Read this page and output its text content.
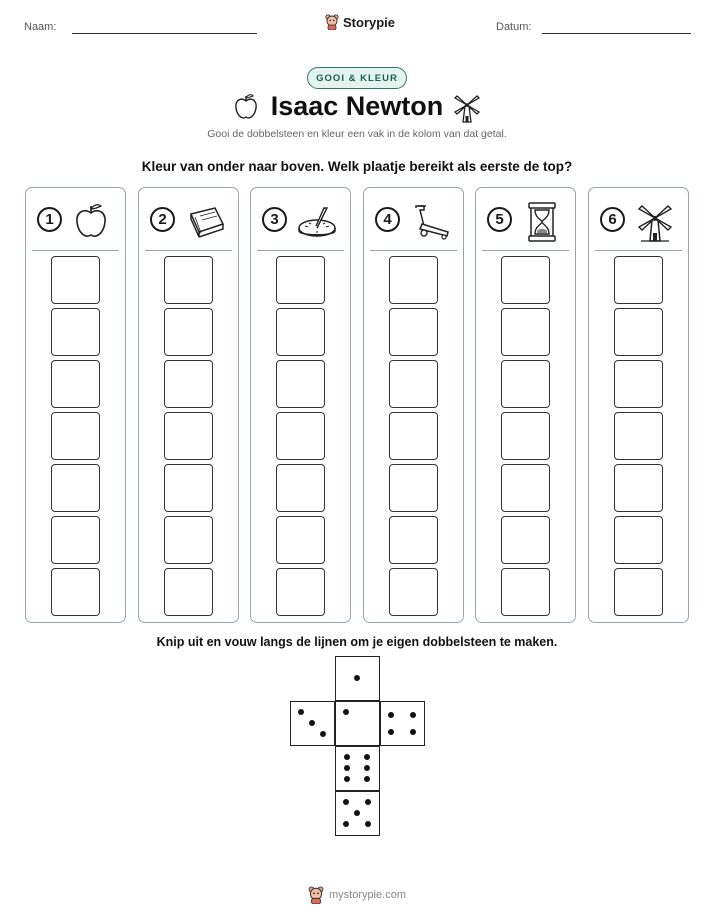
Naam:	Storypie	Datum:
GOOI & KLEUR
Isaac Newton
Gooi de dobbelsteen en kleur een vak in de kolom van dat getal.
Kleur van onder naar boven. Welk plaatje bereikt als eerste de top?
1	2	3	4	5	6
Knip uit en vouw langs de lijnen om je eigen dobbelsteen te maken.
mystorypie.com
